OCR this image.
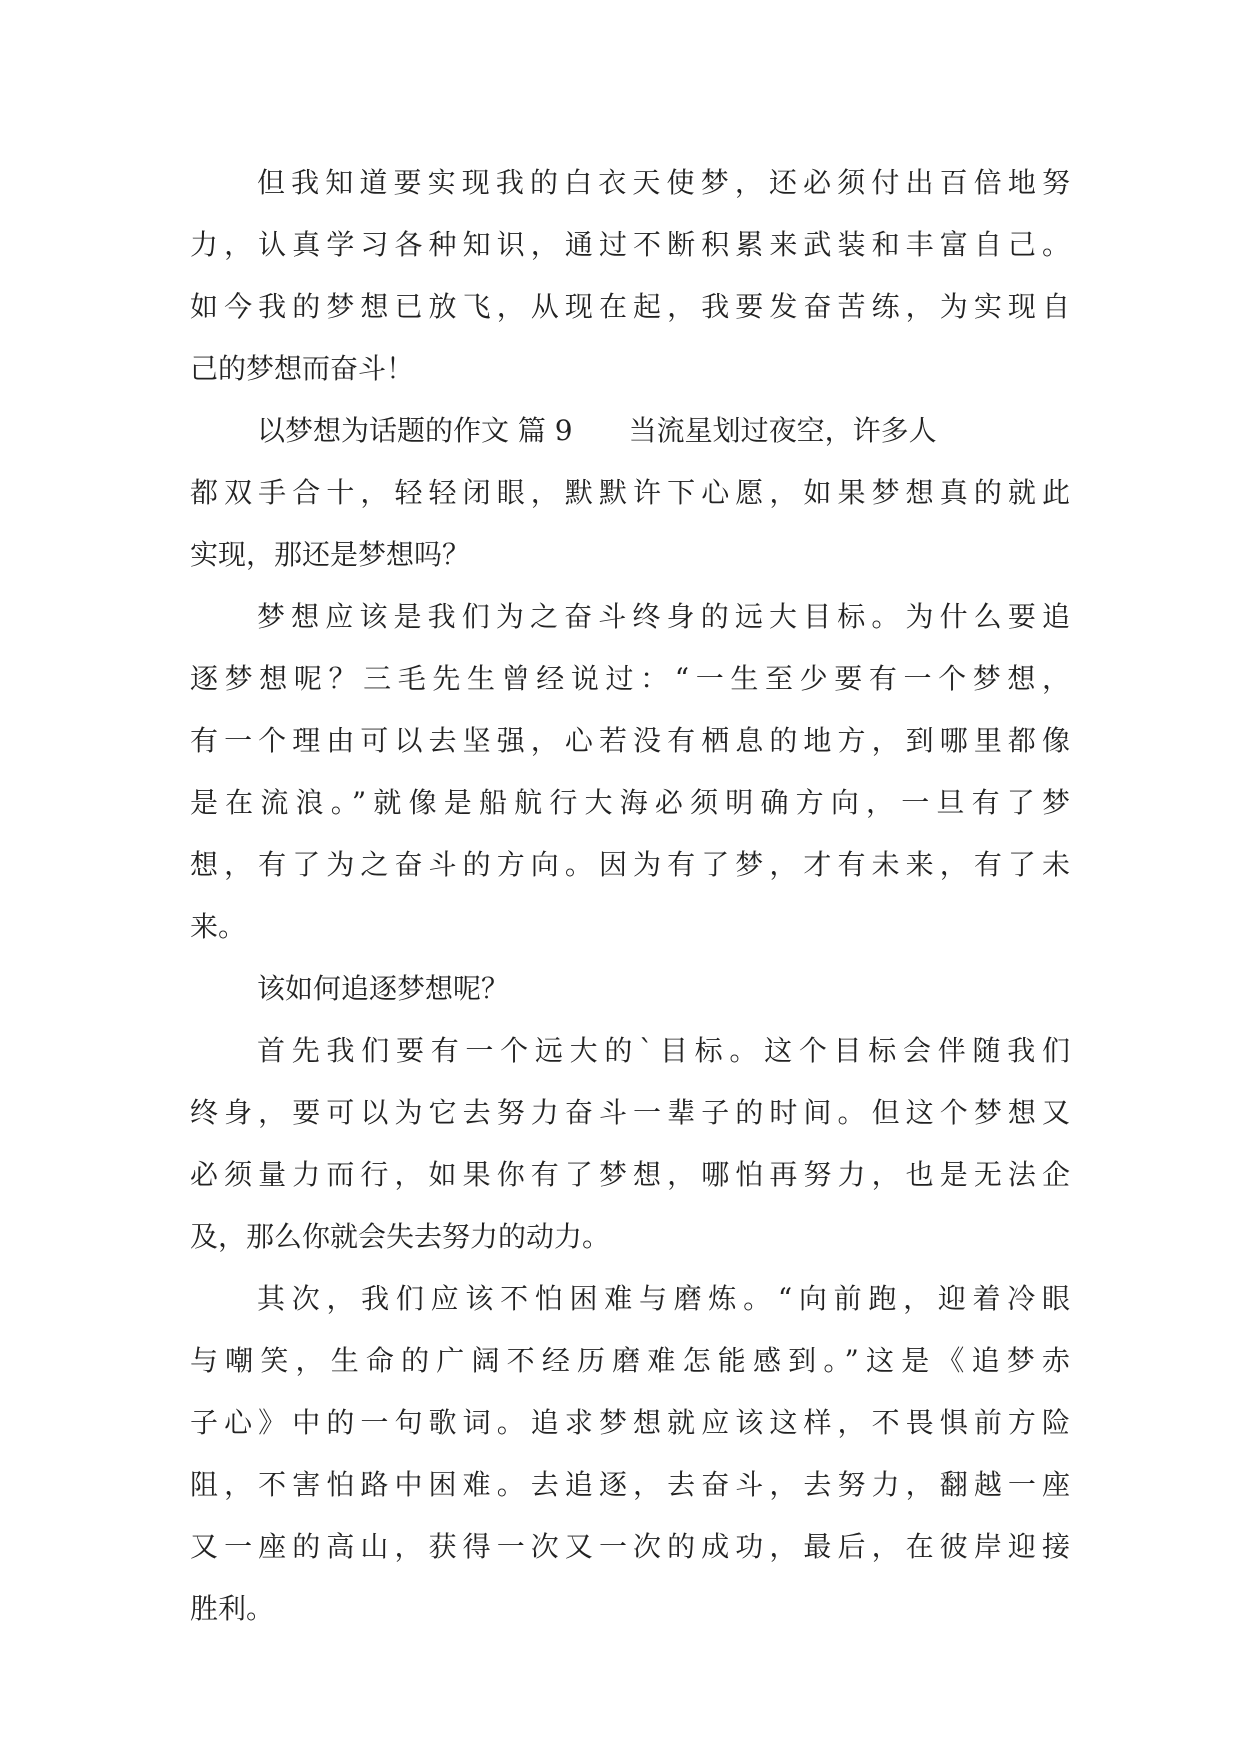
但我知道要实现我的白衣天使梦，还必须付出百倍地努
力，认真学习各种知识，通过不断积累来武装和丰富自己。
如今我的梦想已放飞，从现在起，我要发奋苦练，为实现自
己的梦想而奋斗！
以梦想为话题的作文 篇 9 当流星划过夜空，许多人
都双手合十，轻轻闭眼，默默许下心愿，如果梦想真的就此
实现，那还是梦想吗？
梦想应该是我们为之奋斗终身的远大目标。为什么要追
逐梦想呢？三毛先生曾经说过：“一生至少要有一个梦想，
有一个理由可以去坚强，心若没有栖息的地方，到哪里都像
是在流浪。”就像是船航行大海必须明确方向，一旦有了梦
想，有了为之奋斗的方向。因为有了梦，才有未来，有了未
来。
该如何追逐梦想呢？
首先我们要有一个远大的`目标。这个目标会伴随我们
终身，要可以为它去努力奋斗一辈子的时间。但这个梦想又
必须量力而行，如果你有了梦想，哪怕再努力，也是无法企
及，那么你就会失去努力的动力。
其次，我们应该不怕困难与磨炼。“向前跑，迎着冷眼
与嘲笑，生命的广阔不经历磨难怎能感到。”这是《追梦赤
子心》中的一句歌词。追求梦想就应该这样，不畏惧前方险
阻，不害怕路中困难。去追逐，去奋斗，去努力，翻越一座
又一座的高山，获得一次又一次的成功，最后，在彼岸迎接
胜利。
